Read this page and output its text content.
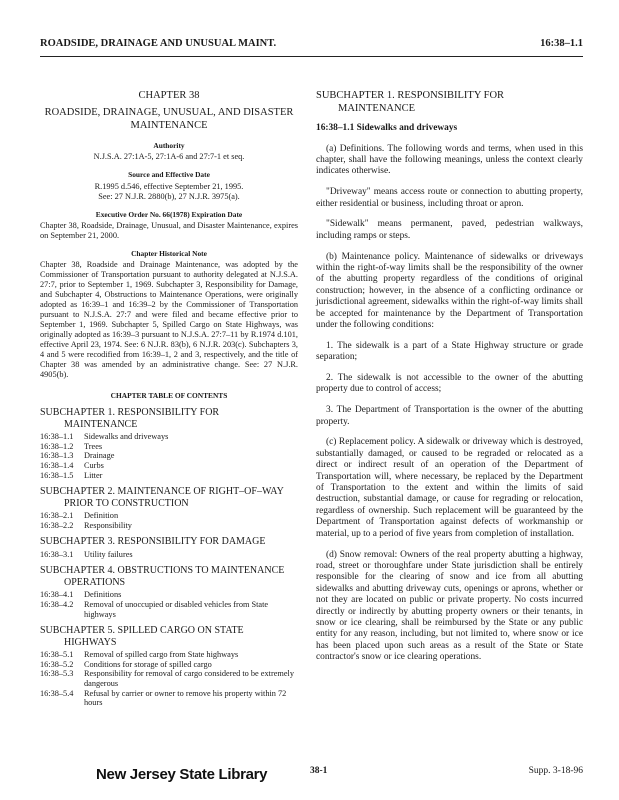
ROADSIDE, DRAINAGE AND UNUSUAL MAINT.	16:38–1.1
CHAPTER 38
ROADSIDE, DRAINAGE, UNUSUAL, AND DISASTER MAINTENANCE
Authority
N.J.S.A. 27:1A-5, 27:1A-6 and 27:7-1 et seq.
Source and Effective Date
R.1995 d.546, effective September 21, 1995.
See: 27 N.J.R. 2880(b), 27 N.J.R. 3975(a).
Executive Order No. 66(1978) Expiration Date
Chapter 38, Roadside, Drainage, Unusual, and Disaster Maintenance, expires on September 21, 2000.
Chapter Historical Note
Chapter 38, Roadside and Drainage Maintenance, was adopted by the Commissioner of Transportation pursuant to authority delegated at N.J.S.A. 27:7, prior to September 1, 1969. Subchapter 3, Responsibility for Damage, and Subchapter 4, Obstructions to Maintenance Operations, were originally adopted as 16:39–1 and 16:39–2 by the Commissioner of Transportation pursuant to N.J.S.A. 27:7 and were filed and became effective prior to September 1, 1969. Subchapter 5, Spilled Cargo on State Highways, was originally adopted as 16:39–3 pursuant to N.J.S.A. 27:7–11 by R.1974 d.101, effective April 23, 1974. See: 6 N.J.R. 83(b), 6 N.J.R. 203(c). Subchapters 3, 4 and 5 were recodified from 16:39–1, 2 and 3, respectively, and the title of Chapter 38 was amended by an administrative change. See: 27 N.J.R. 4905(b).
CHAPTER TABLE OF CONTENTS
SUBCHAPTER 1. RESPONSIBILITY FOR
MAINTENANCE
16:38–1.1	Sidewalks and driveways
16:38–1.2	Trees
16:38–1.3	Drainage
16:38–1.4	Curbs
16:38–1.5	Litter
SUBCHAPTER 2. MAINTENANCE OF RIGHT–OF–WAY
PRIOR TO CONSTRUCTION
16:38–2.1	Definition
16:38–2.2	Responsibility
SUBCHAPTER 3. RESPONSIBILITY FOR DAMAGE
16:38–3.1	Utility failures
SUBCHAPTER 4. OBSTRUCTIONS TO MAINTENANCE
OPERATIONS
16:38–4.1	Definitions
16:38–4.2	Removal of unoccupied or disabled vehicles from State highways
SUBCHAPTER 5. SPILLED CARGO ON STATE
HIGHWAYS
16:38–5.1	Removal of spilled cargo from State highways
16:38–5.2	Conditions for storage of spilled cargo
16:38–5.3	Responsibility for removal of cargo considered to be extremely dangerous
16:38–5.4	Refusal by carrier or owner to remove his property within 72 hours
SUBCHAPTER 1. RESPONSIBILITY FOR
MAINTENANCE
16:38–1.1 Sidewalks and driveways

(a) Definitions. The following words and terms, when used in this chapter, shall have the following meanings, unless the context clearly indicates otherwise.

"Driveway" means access route or connection to abutting property, either residential or business, including throat or apron.

"Sidewalk" means permanent, paved, pedestrian walkways, including ramps or steps.

(b) Maintenance policy. Maintenance of sidewalks or driveways within the right-of-way limits shall be the responsibility of the owner of the abutting property regardless of the conditions of original construction; however, in the absence of a conflicting ordinance or jurisdictional agreement, sidewalks within the right-of-way limits shall be accepted for maintenance by the Department of Transportation under the following conditions:

1. The sidewalk is a part of a State Highway structure or grade separation;

2. The sidewalk is not accessible to the owner of the abutting property due to control of access;

3. The Department of Transportation is the owner of the abutting property.

(c) Replacement policy. A sidewalk or driveway which is destroyed, substantially damaged, or caused to be regraded or relocated as a direct or indirect result of an operation of the Department of Transportation will, where necessary, be replaced by the Department of Transportation to the extent and within the limits of said destruction, substantial damage, or cause for regrading or relocation, regardless of ownership. Such replacement will be guaranteed by the Department of Transportation against defects of workmanship or material, up to a period of five years from completion of installation.

(d) Snow removal: Owners of the real property abutting a highway, road, street or thoroughfare under State jurisdiction shall be entirely responsible for the clearing of snow and ice from all abutting sidewalks and abutting driveway cuts, openings or aprons, whether or not they are located on public or private property. No costs incurred directly or indirectly by abutting property owners or their tenants, in snow or ice clearing, shall be reimbursed by the State or any public entity for any reason, including, but not limited to, where snow or ice has been placed upon such areas as a result of the State or State contractor's snow or ice clearing operations.

New Jersey State Library	38-1	Supp. 3-18-96
